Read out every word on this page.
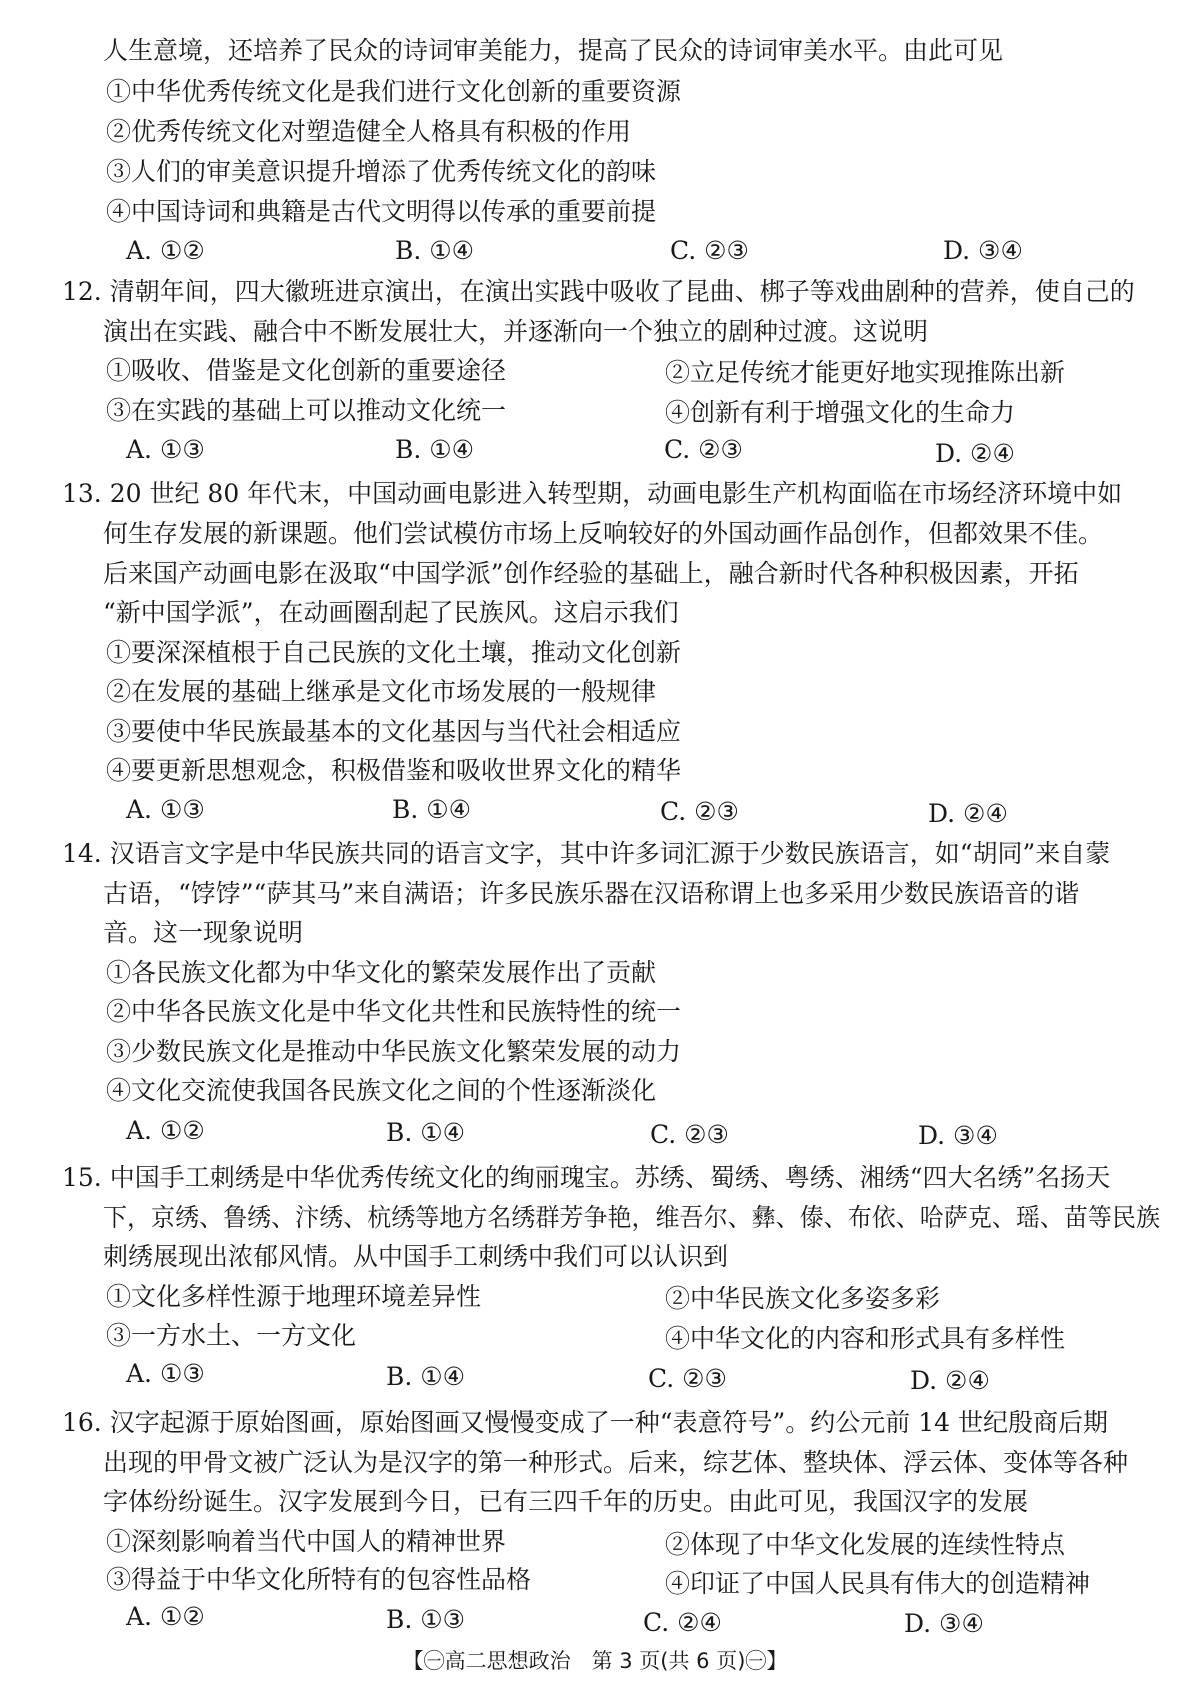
人生意境，还培养了民众的诗词审美能力，提高了民众的诗词审美水平。由此可见
①中华优秀传统文化是我们进行文化创新的重要资源
②优秀传统文化对塑造健全人格具有积极的作用
③人们的审美意识提升增添了优秀传统文化的韵味
④中国诗词和典籍是古代文明得以传承的重要前提
A. ①②	B. ①④	C. ②③	D. ③④
12. 清朝年间，四大徽班进京演出，在演出实践中吸收了昆曲、梆子等戏曲剧种的营养，使自己的
演出在实践、融合中不断发展壮大，并逐渐向一个独立的剧种过渡。这说明
①吸收、借鉴是文化创新的重要途径	②立足传统才能更好地实现推陈出新
③在实践的基础上可以推动文化统一	④创新有利于增强文化的生命力
A. ①③	B. ①④	C. ②③	D. ②④
13. 20 世纪 80 年代末，中国动画电影进入转型期，动画电影生产机构面临在市场经济环境中如
何生存发展的新课题。他们尝试模仿市场上反响较好的外国动画作品创作，但都效果不佳。
后来国产动画电影在汲取“中国学派”创作经验的基础上，融合新时代各种积极因素，开拓
“新中国学派”，在动画圈刮起了民族风。这启示我们
①要深深植根于自己民族的文化土壤，推动文化创新
②在发展的基础上继承是文化市场发展的一般规律
③要使中华民族最基本的文化基因与当代社会相适应
④要更新思想观念，积极借鉴和吸收世界文化的精华
A. ①③	B. ①④	C. ②③	D. ②④
14. 汉语言文字是中华民族共同的语言文字，其中许多词汇源于少数民族语言，如“胡同”来自蒙
古语，“饽饽”“萨其马”来自满语；许多民族乐器在汉语称谓上也多采用少数民族语音的谐
音。这一现象说明
①各民族文化都为中华文化的繁荣发展作出了贡献
②中华各民族文化是中华文化共性和民族特性的统一
③少数民族文化是推动中华民族文化繁荣发展的动力
④文化交流使我国各民族文化之间的个性逐渐淡化
A. ①②	B. ①④	C. ②③	D. ③④
15. 中国手工刺绣是中华优秀传统文化的绚丽瑰宝。苏绣、蜀绣、粤绣、湘绣“四大名绣”名扬天
下，京绣、鲁绣、汴绣、杭绣等地方名绣群芳争艳，维吾尔、彝、傣、布依、哈萨克、瑶、苗等民族
刺绣展现出浓郁风情。从中国手工刺绣中我们可以认识到
①文化多样性源于地理环境差异性	②中华民族文化多姿多彩
③一方水土、一方文化	④中华文化的内容和形式具有多样性
A. ①③	B. ①④	C. ②③	D. ②④
16. 汉字起源于原始图画，原始图画又慢慢变成了一种“表意符号”。约公元前 14 世纪殷商后期
出现的甲骨文被广泛认为是汉字的第一种形式。后来，综艺体、整块体、浮云体、变体等各种
字体纷纷诞生。汉字发展到今日，已有三四千年的历史。由此可见，我国汉字的发展
①深刻影响着当代中国人的精神世界	②体现了中华文化发展的连续性特点
③得益于中华文化所特有的包容性品格	④印证了中国人民具有伟大的创造精神
A. ①②	B. ①③	C. ②④	D. ③④
【㊀高二思想政治　第 3 页(共 6 页)㊀】
